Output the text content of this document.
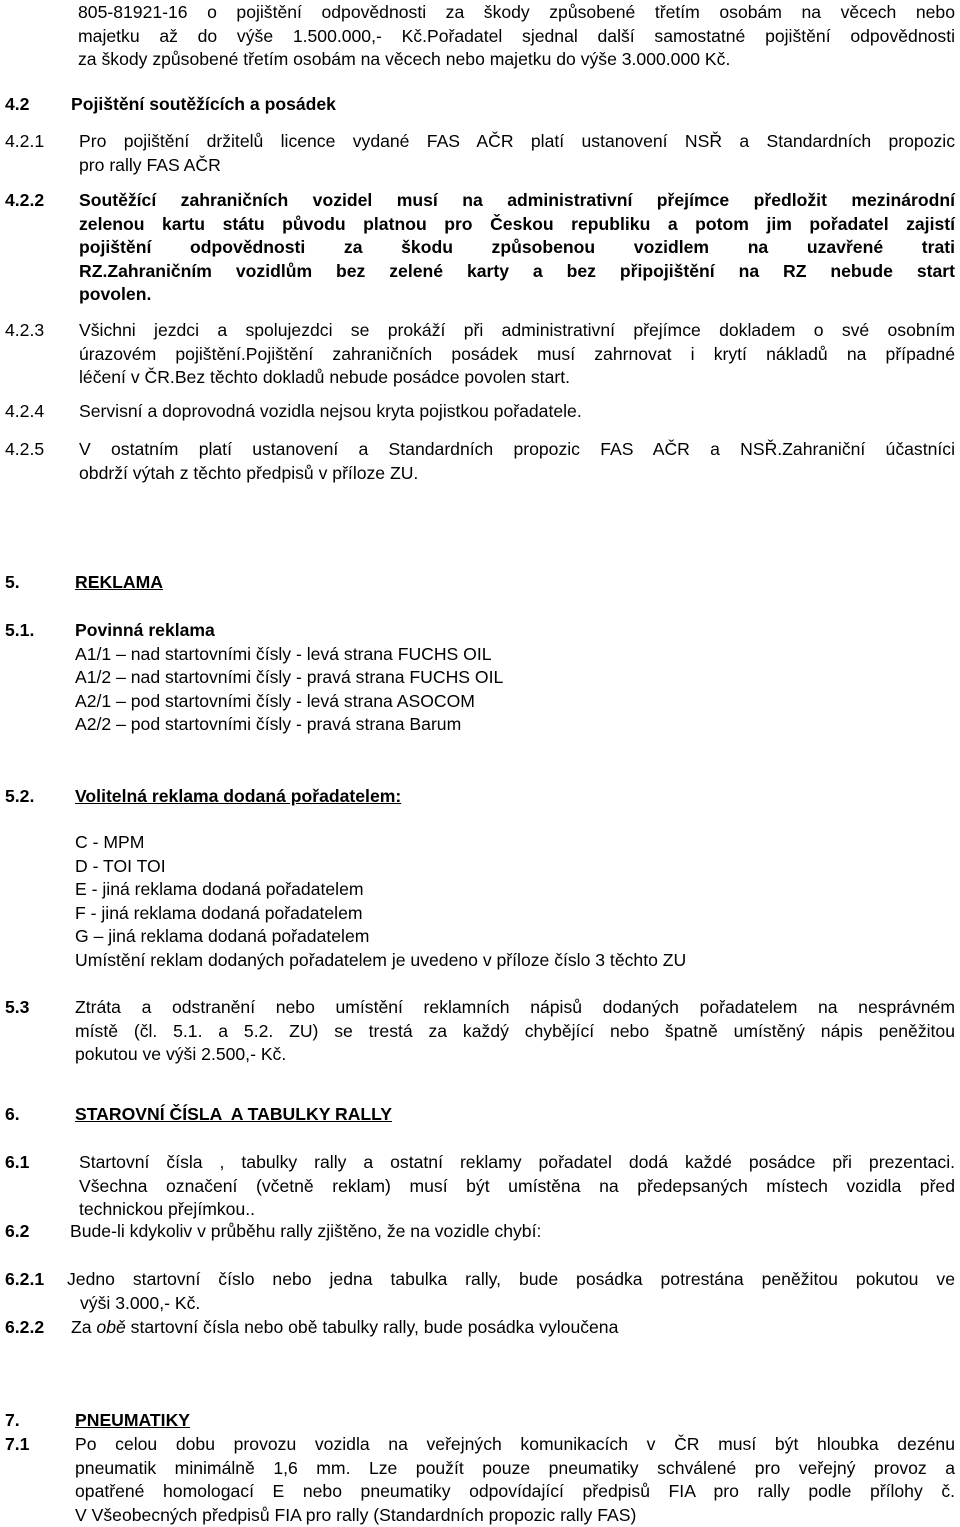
805-81921-16 o pojištění odpovědnosti za škody způsobené třetím osobám na věcech nebo
majetku až do výše 1.500.000,- Kč.Pořadatel sjednal další samostatné pojištění odpovědnosti
za škody způsobené třetím osobám na věcech nebo majetku do výše 3.000.000 Kč.
4.2 Pojištění soutěžících a posádek
4.2.1 Pro pojištění držitelů licence vydané FAS AČR platí ustanovení NSŘ a Standardních propozic
pro rally FAS AČR
4.2.2 Soutěžící zahraničních vozidel musí na administrativní přejímce předložit mezinárodní
zelenou kartu státu původu platnou pro Českou republiku a potom jim pořadatel zajistí
pojištění odpovědnosti za škodu způsobenou vozidlem na uzavřené trati
RZ.Zahraničním vozidlům bez zelené karty a bez připojištění na RZ nebude start
povolen.
4.2.3 Všichni jezdci a spolujezdci se prokáží při administrativní přejímce dokladem o své osobním
úrazovém pojištění.Pojištění zahraničních posádek musí zahrnovat i krytí nákladů na případné
léčení v ČR.Bez těchto dokladů nebude posádce povolen start.
4.2.4 Servisní a doprovodná vozidla nejsou kryta pojistkou pořadatele.
4.2.5 V ostatním platí ustanovení a Standardních propozic FAS AČR a NSŘ.Zahraniční účastníci
obdrží výtah z těchto předpisů v příloze ZU.
5.	REKLAMA
5.1. Povinná reklama
A1/1 – nad startovními čísly - levá strana FUCHS OIL
A1/2 – nad startovními čísly - pravá strana FUCHS OIL
A2/1 – pod startovními čísly - levá strana ASOCOM
A2/2 – pod startovními čísly - pravá strana Barum
5.2. Volitelná reklama dodaná pořadatelem:
C - MPM
D - TOI TOI
E - jiná reklama dodaná pořadatelem
F - jiná reklama dodaná pořadatelem
G – jiná reklama dodaná pořadatelem
Umístění reklam dodaných pořadatelem je uvedeno v příloze číslo 3 těchto ZU
5.3	Ztráta a odstranění nebo umístění reklamních nápisů dodaných pořadatelem na nesprávném
místě (čl. 5.1. a 5.2. ZU) se trestá za každý chybějící nebo špatně umístěný nápis peněžitou
pokutou ve výši 2.500,- Kč.
6.	STAROVNÍ ČÍSLA  A TABULKY RALLY
6.1	Startovní čísla , tabulky rally a ostatní reklamy pořadatel dodá každé posádce při prezentaci.
Všechna označení (včetně reklam) musí být umístěna na předepsaných místech vozidla před
technickou přejímkou..
6.2 Bude-li kdykoliv v průběhu rally zjištěno, že na vozidle chybí:
6.2.1 Jedno startovní číslo nebo jedna tabulka rally, bude posádka potrestána peněžitou pokutou ve
výši 3.000,- Kč.
6.2.2 Za obě startovní čísla nebo obě tabulky rally, bude posádka vyloučena
7.	PNEUMATIKY
7.1	Po celou dobu provozu vozidla na veřejných komunikacích v ČR musí být hloubka dezénu
pneumatik minimálně 1,6 mm. Lze použít pouze pneumatiky schválené pro veřejný provoz a
opatřené homologací E nebo pneumatiky odpovídající předpisů FIA pro rally podle přílohy č.
V Všeobecných předpisů FIA pro rally (Standardních propozic rally FAS)
